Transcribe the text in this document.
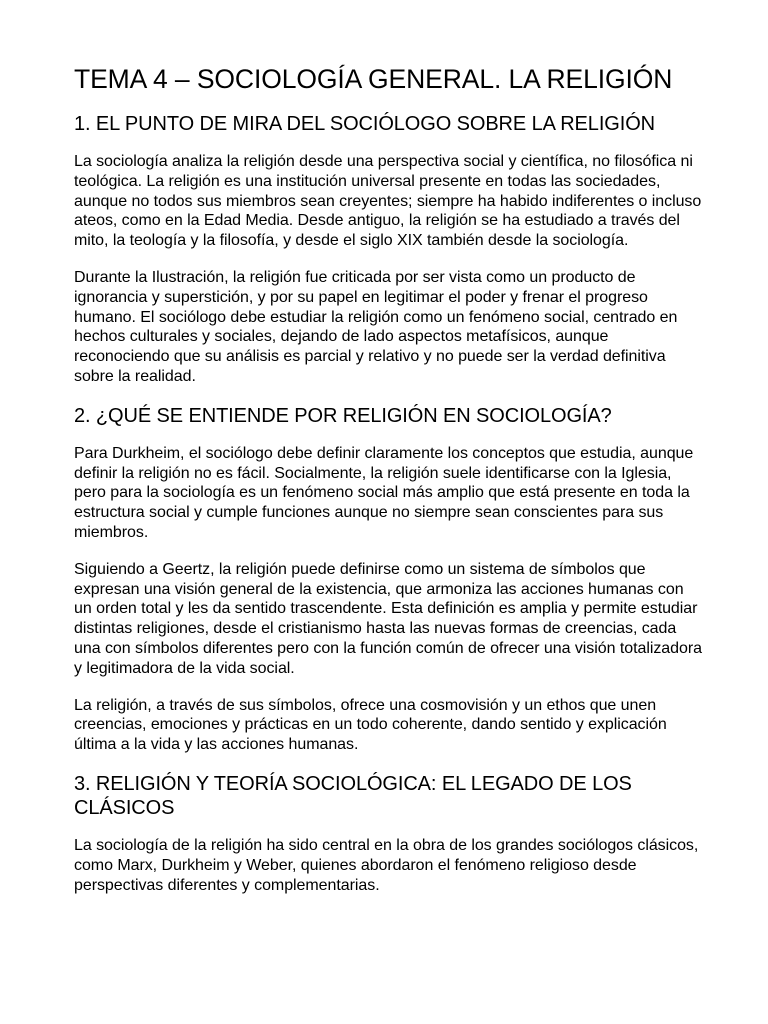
TEMA 4 – SOCIOLOGÍA GENERAL. LA RELIGIÓN
1. EL PUNTO DE MIRA DEL SOCIÓLOGO SOBRE LA RELIGIÓN

La sociología analiza la religión desde una perspectiva social y científica, no filosófica ni teológica. La religión es una institución universal presente en todas las sociedades, aunque no todos sus miembros sean creyentes; siempre ha habido indiferentes o incluso ateos, como en la Edad Media. Desde antiguo, la religión se ha estudiado a través del mito, la teología y la filosofía, y desde el siglo XIX también desde la sociología.

Durante la Ilustración, la religión fue criticada por ser vista como un producto de ignorancia y superstición, y por su papel en legitimar el poder y frenar el progreso humano. El sociólogo debe estudiar la religión como un fenómeno social, centrado en hechos culturales y sociales, dejando de lado aspectos metafísicos, aunque reconociendo que su análisis es parcial y relativo y no puede ser la verdad definitiva sobre la realidad.

2. ¿QUÉ SE ENTIENDE POR RELIGIÓN EN SOCIOLOGÍA?

Para Durkheim, el sociólogo debe definir claramente los conceptos que estudia, aunque definir la religión no es fácil. Socialmente, la religión suele identificarse con la Iglesia, pero para la sociología es un fenómeno social más amplio que está presente en toda la estructura social y cumple funciones aunque no siempre sean conscientes para sus miembros.

Siguiendo a Geertz, la religión puede definirse como un sistema de símbolos que expresan una visión general de la existencia, que armoniza las acciones humanas con un orden total y les da sentido trascendente. Esta definición es amplia y permite estudiar distintas religiones, desde el cristianismo hasta las nuevas formas de creencias, cada una con símbolos diferentes pero con la función común de ofrecer una visión totalizadora y legitimadora de la vida social.

La religión, a través de sus símbolos, ofrece una cosmovisión y un ethos que unen creencias, emociones y prácticas en un todo coherente, dando sentido y explicación última a la vida y las acciones humanas.

3. RELIGIÓN Y TEORÍA SOCIOLÓGICA: EL LEGADO DE LOS CLÁSICOS

La sociología de la religión ha sido central en la obra de los grandes sociólogos clásicos, como Marx, Durkheim y Weber, quienes abordaron el fenómeno religioso desde perspectivas diferentes y complementarias.
